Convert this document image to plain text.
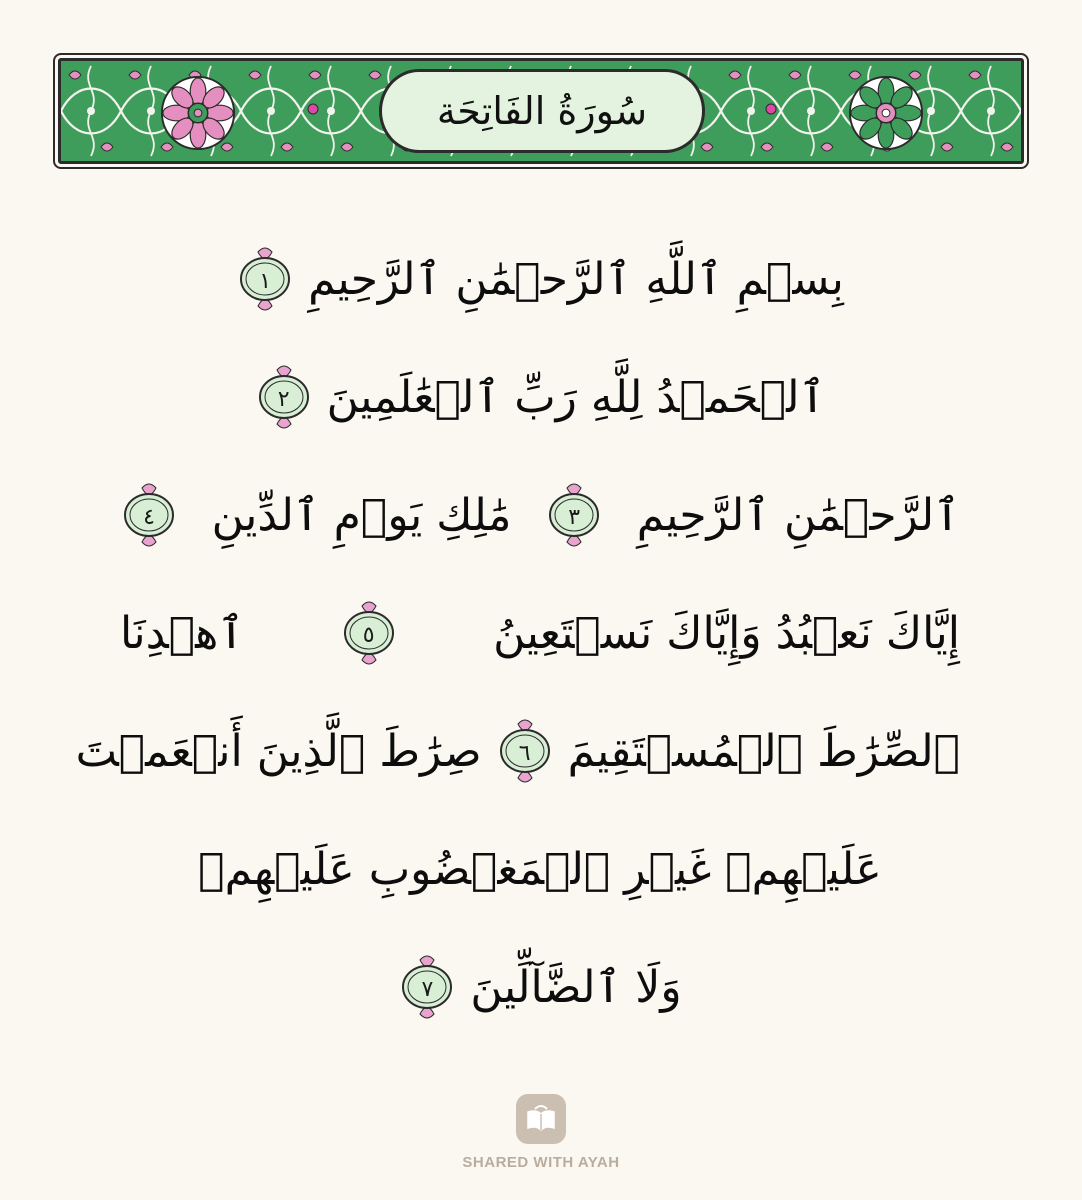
سُورَةُ الفَاتِحَة
بِسۡمِ ٱللَّهِ ٱلرَّحۡمَٰنِ ٱلرَّحِيمِ
١
ٱلۡحَمۡدُ لِلَّهِ رَبِّ ٱلۡعَٰلَمِينَ
٢
ٱلرَّحۡمَٰنِ ٱلرَّحِيمِ
٣
مَٰلِكِ يَوۡمِ ٱلدِّينِ
٤
إِيَّاكَ نَعۡبُدُ وَإِيَّاكَ نَسۡتَعِينُ
٥
ٱهۡدِنَا
ٱلصِّرَٰطَ ٱلۡمُسۡتَقِيمَ
٦
صِرَٰطَ ٱلَّذِينَ أَنۡعَمۡتَ
عَلَيۡهِمۡ غَيۡرِ ٱلۡمَغۡضُوبِ عَلَيۡهِمۡ
وَلَا ٱلضَّآلِّينَ
٧
SHARED WITH AYAH
